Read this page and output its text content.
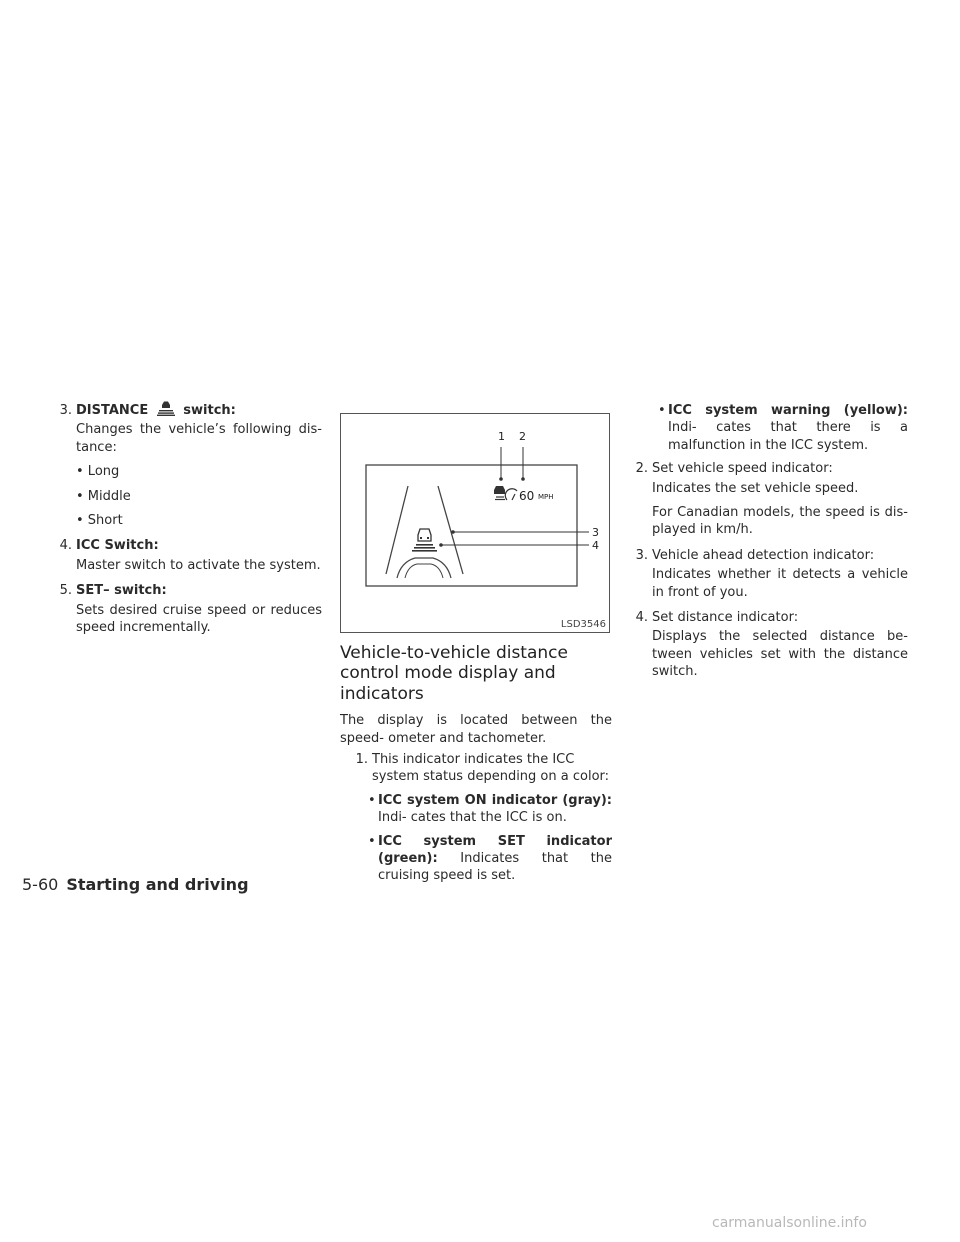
3. DISTANCE	switch:

Changes the vehicle’s following dis- tance:

• Long

• Middle

• Short

4. ICC Switch:

Master switch to activate the system.

5. SET– switch:

Sets desired cruise speed or reduces speed incrementally.

60 MPH
1 2
3
4
LSD3546
Vehicle-to-vehicle distance control mode display and indicators

The display is located between the speed- ometer and tachometer.

1. This indicator indicates the ICC system status depending on a color:
• ICC system ON indicator (gray): Indi- cates that the ICC is on.
• ICC system SET indicator (green): Indicates that the cruising speed is set.
• ICC system warning (yellow): Indi- cates that there is a malfunction in the ICC system.
2. Set vehicle speed indicator:

Indicates the set vehicle speed.

For Canadian models, the speed is dis- played in km/h.

3. Vehicle ahead detection indicator:

Indicates whether it detects a vehicle in front of you.

4. Set distance indicator:

Displays the selected distance be- tween vehicles set with the distance switch.

5-60 Starting and driving
carmanualsonline.info
